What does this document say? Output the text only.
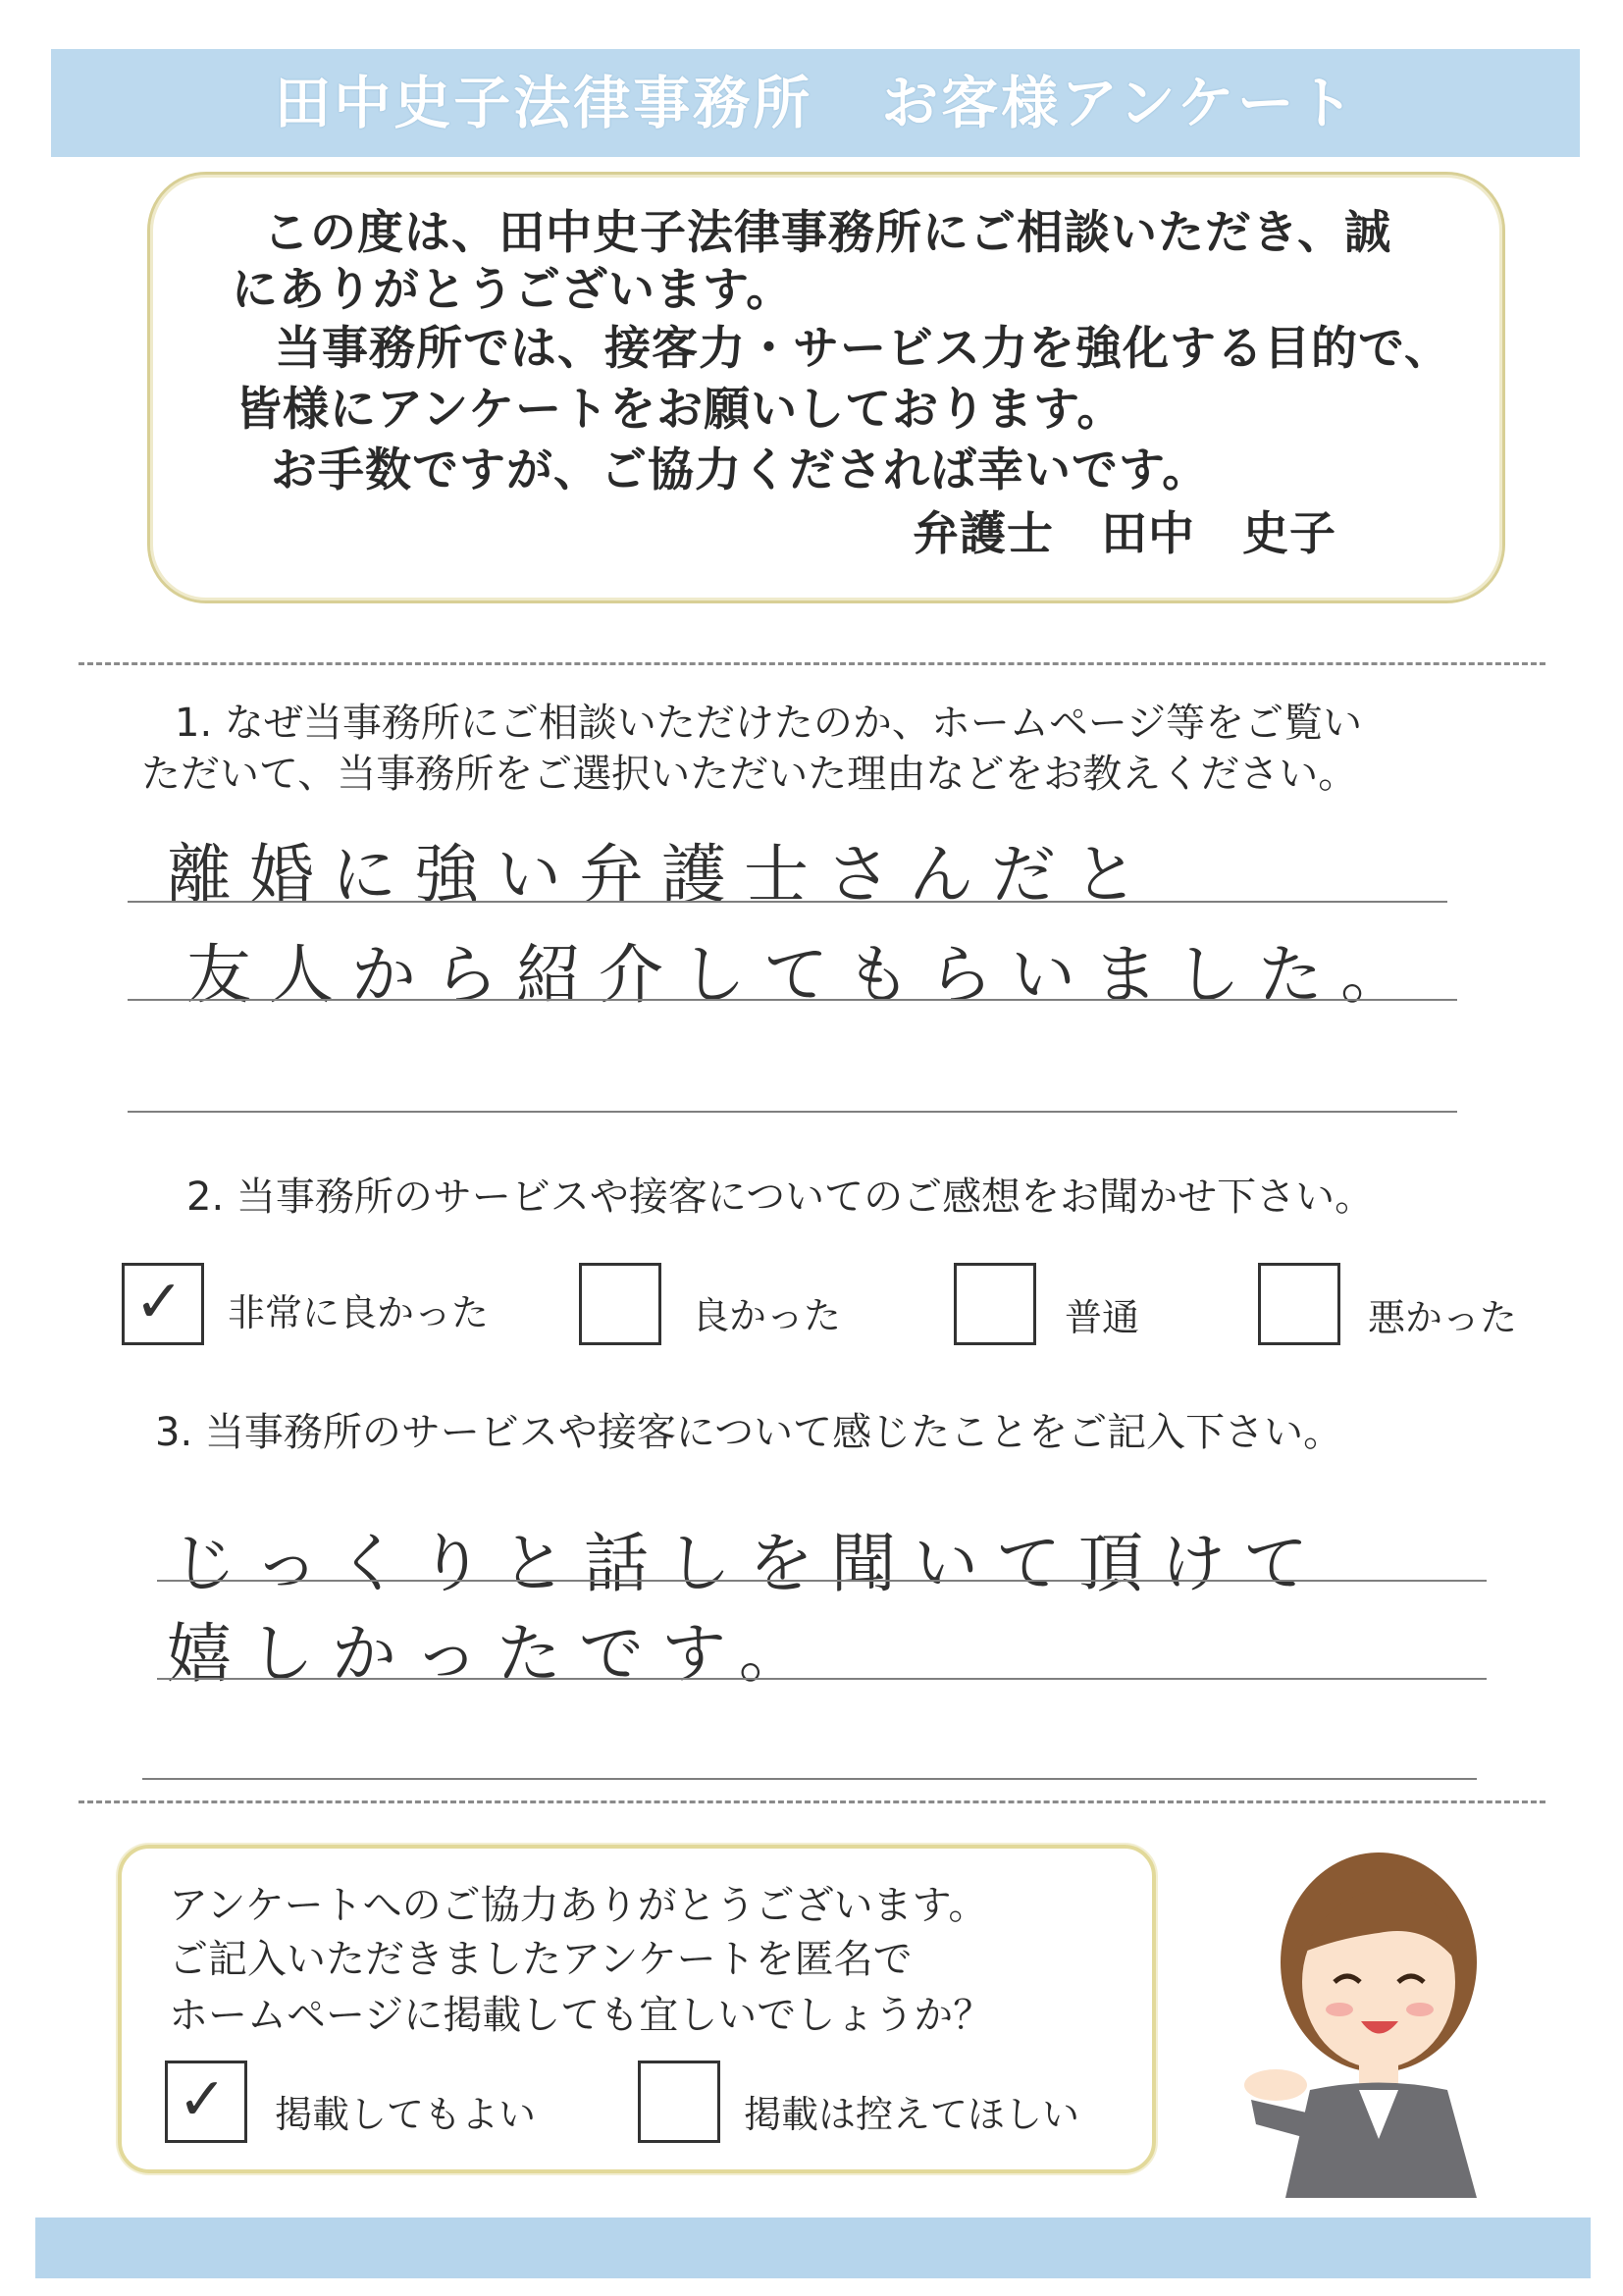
田中史子法律事務所 お客様アンケート
この度は、田中史子法律事務所にご相談いただき、誠
にありがとうございます。
当事務所では、接客力・サービス力を強化する目的で、
皆様にアンケートをお願いしております。
お手数ですが、ご協力くだされば幸いです。
弁護士　田中　史子
1. なぜ当事務所にご相談いただけたのか、ホームページ等をご覧い
ただいて、当事務所をご選択いただいた理由などをお教えください。
離婚に強い弁護士さんだと
友人から紹介してもらいました。
2. 当事務所のサービスや接客についてのご感想をお聞かせ下さい。
✓ 非常に良かった	良かった	普通	悪かった
3. 当事務所のサービスや接客について感じたことをご記入下さい。
じっくりと話しを聞いて頂けて
嬉しかったです。
アンケートへのご協力ありがとうございます。
ご記入いただきましたアンケートを匿名で
ホームページに掲載しても宜しいでしょうか？
✓ 掲載してもよい	掲載は控えてほしい
